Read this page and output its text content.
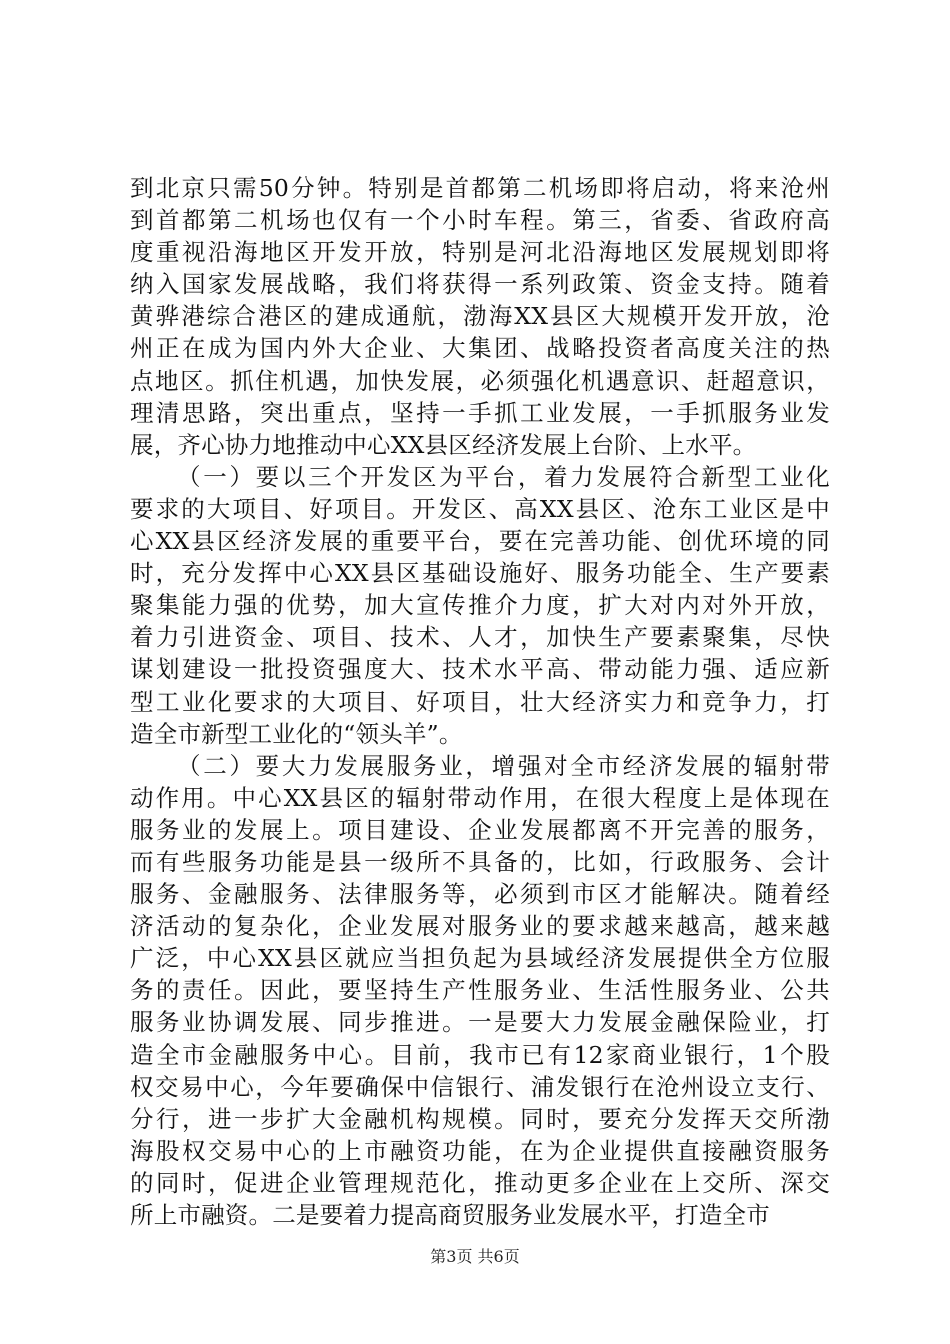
到北京只需50分钟。特别是首都第二机场即将启动，将来沧州
到首都第二机场也仅有一个小时车程。第三，省委、省政府高
度重视沿海地区开发开放，特别是河北沿海地区发展规划即将
纳入国家发展战略，我们将获得一系列政策、资金支持。随着
黄骅港综合港区的建成通航，渤海XX县区大规模开发开放，沧
州正在成为国内外大企业、大集团、战略投资者高度关注的热
点地区。抓住机遇，加快发展，必须强化机遇意识、赶超意识，
理清思路，突出重点，坚持一手抓工业发展，一手抓服务业发
展，齐心协力地推动中心XX县区经济发展上台阶、上水平。
（一）要以三个开发区为平台，着力发展符合新型工业化
要求的大项目、好项目。开发区、高XX县区、沧东工业区是中
心XX县区经济发展的重要平台，要在完善功能、创优环境的同
时，充分发挥中心XX县区基础设施好、服务功能全、生产要素
聚集能力强的优势，加大宣传推介力度，扩大对内对外开放，
着力引进资金、项目、技术、人才，加快生产要素聚集，尽快
谋划建设一批投资强度大、技术水平高、带动能力强、适应新
型工业化要求的大项目、好项目，壮大经济实力和竞争力，打
造全市新型工业化的“领头羊”。
（二）要大力发展服务业，增强对全市经济发展的辐射带
动作用。中心XX县区的辐射带动作用，在很大程度上是体现在
服务业的发展上。项目建设、企业发展都离不开完善的服务，
而有些服务功能是县一级所不具备的，比如，行政服务、会计
服务、金融服务、法律服务等，必须到市区才能解决。随着经
济活动的复杂化，企业发展对服务业的要求越来越高，越来越
广泛，中心XX县区就应当担负起为县域经济发展提供全方位服
务的责任。因此，要坚持生产性服务业、生活性服务业、公共
服务业协调发展、同步推进。一是要大力发展金融保险业，打
造全市金融服务中心。目前，我市已有12家商业银行，1个股
权交易中心，今年要确保中信银行、浦发银行在沧州设立支行、
分行，进一步扩大金融机构规模。同时，要充分发挥天交所渤
海股权交易中心的上市融资功能，在为企业提供直接融资服务
的同时，促进企业管理规范化，推动更多企业在上交所、深交
所上市融资。二是要着力提高商贸服务业发展水平，打造全市
第3页 共6页
